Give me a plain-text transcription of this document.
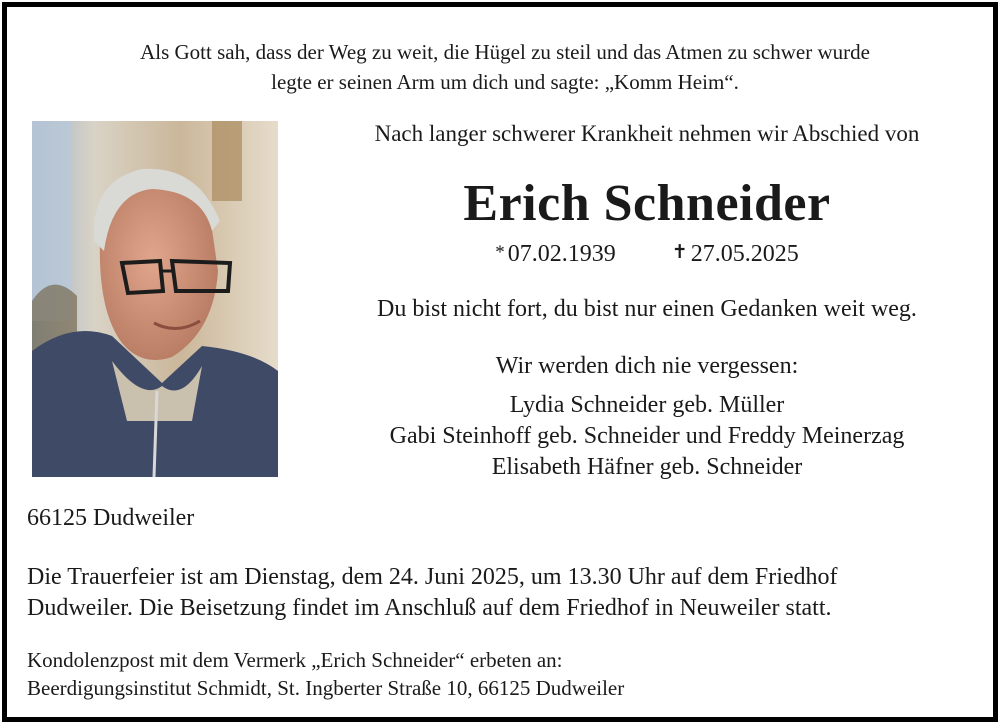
Als Gott sah, dass der Weg zu weit, die Hügel zu steil und das Atmen zu schwer wurde
legte er seinen Arm um dich und sagte: „Komm Heim“.
Nach langer schwerer Krankheit nehmen wir Abschied von
Erich Schneider
* 07.02.1939	✝ 27.05.2025
Du bist nicht fort, du bist nur einen Gedanken weit weg.
Wir werden dich nie vergessen:
Lydia Schneider geb. Müller
Gabi Steinhoff geb. Schneider und Freddy Meinerzag
Elisabeth Häfner geb. Schneider
66125 Dudweiler
Die Trauerfeier ist am Dienstag, dem 24. Juni 2025, um 13.30 Uhr auf dem Friedhof
Dudweiler. Die Beisetzung findet im Anschluß auf dem Friedhof in Neuweiler statt.
Kondolenzpost mit dem Vermerk „Erich Schneider“ erbeten an:
Beerdigungsinstitut Schmidt, St. Ingberter Straße 10, 66125 Dudweiler
